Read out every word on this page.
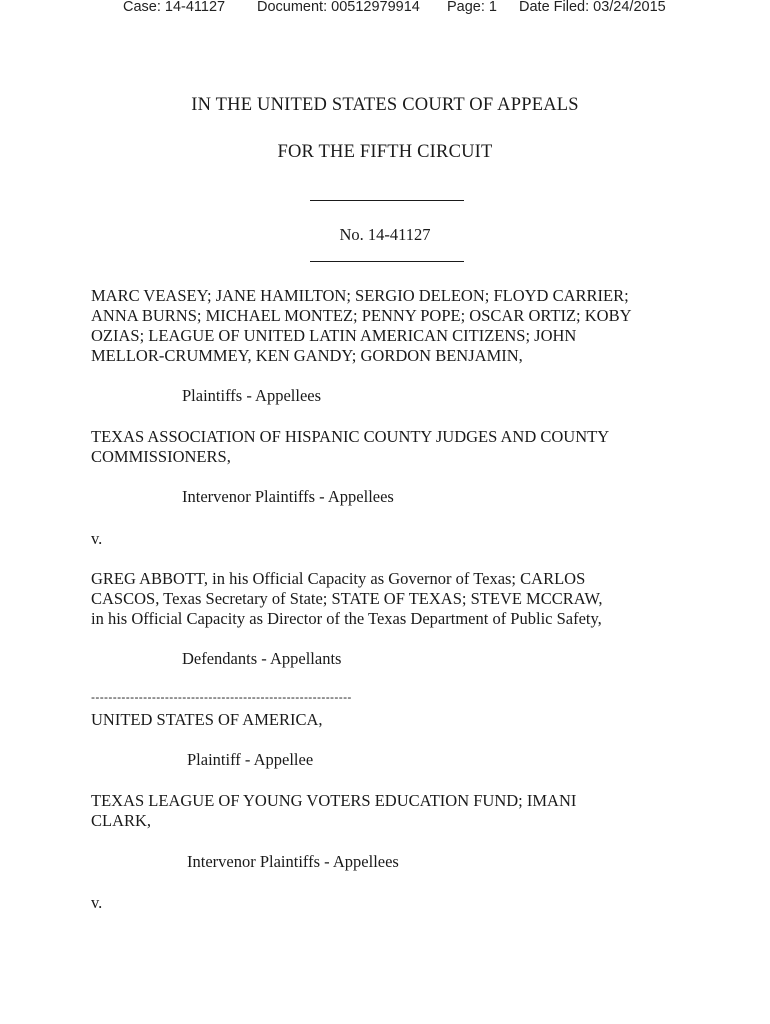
Case: 14-41127 Document: 00512979914 Page: 1 Date Filed: 03/24/2015
IN THE UNITED STATES COURT OF APPEALS
FOR THE FIFTH CIRCUIT
No. 14-41127
MARC VEASEY; JANE HAMILTON; SERGIO DELEON; FLOYD CARRIER;
ANNA BURNS; MICHAEL MONTEZ; PENNY POPE; OSCAR ORTIZ; KOBY
OZIAS; LEAGUE OF UNITED LATIN AMERICAN CITIZENS; JOHN
MELLOR-CRUMMEY, KEN GANDY; GORDON BENJAMIN,
Plaintiffs - Appellees
TEXAS ASSOCIATION OF HISPANIC COUNTY JUDGES AND COUNTY
COMMISSIONERS,
Intervenor Plaintiffs - Appellees
v.
GREG ABBOTT, in his Official Capacity as Governor of Texas; CARLOS
CASCOS, Texas Secretary of State; STATE OF TEXAS; STEVE MCCRAW,
in his Official Capacity as Director of the Texas Department of Public Safety,
Defendants - Appellants
------------------------------------------------------------
UNITED STATES OF AMERICA,
Plaintiff - Appellee
TEXAS LEAGUE OF YOUNG VOTERS EDUCATION FUND; IMANI
CLARK,
Intervenor Plaintiffs - Appellees
v.
